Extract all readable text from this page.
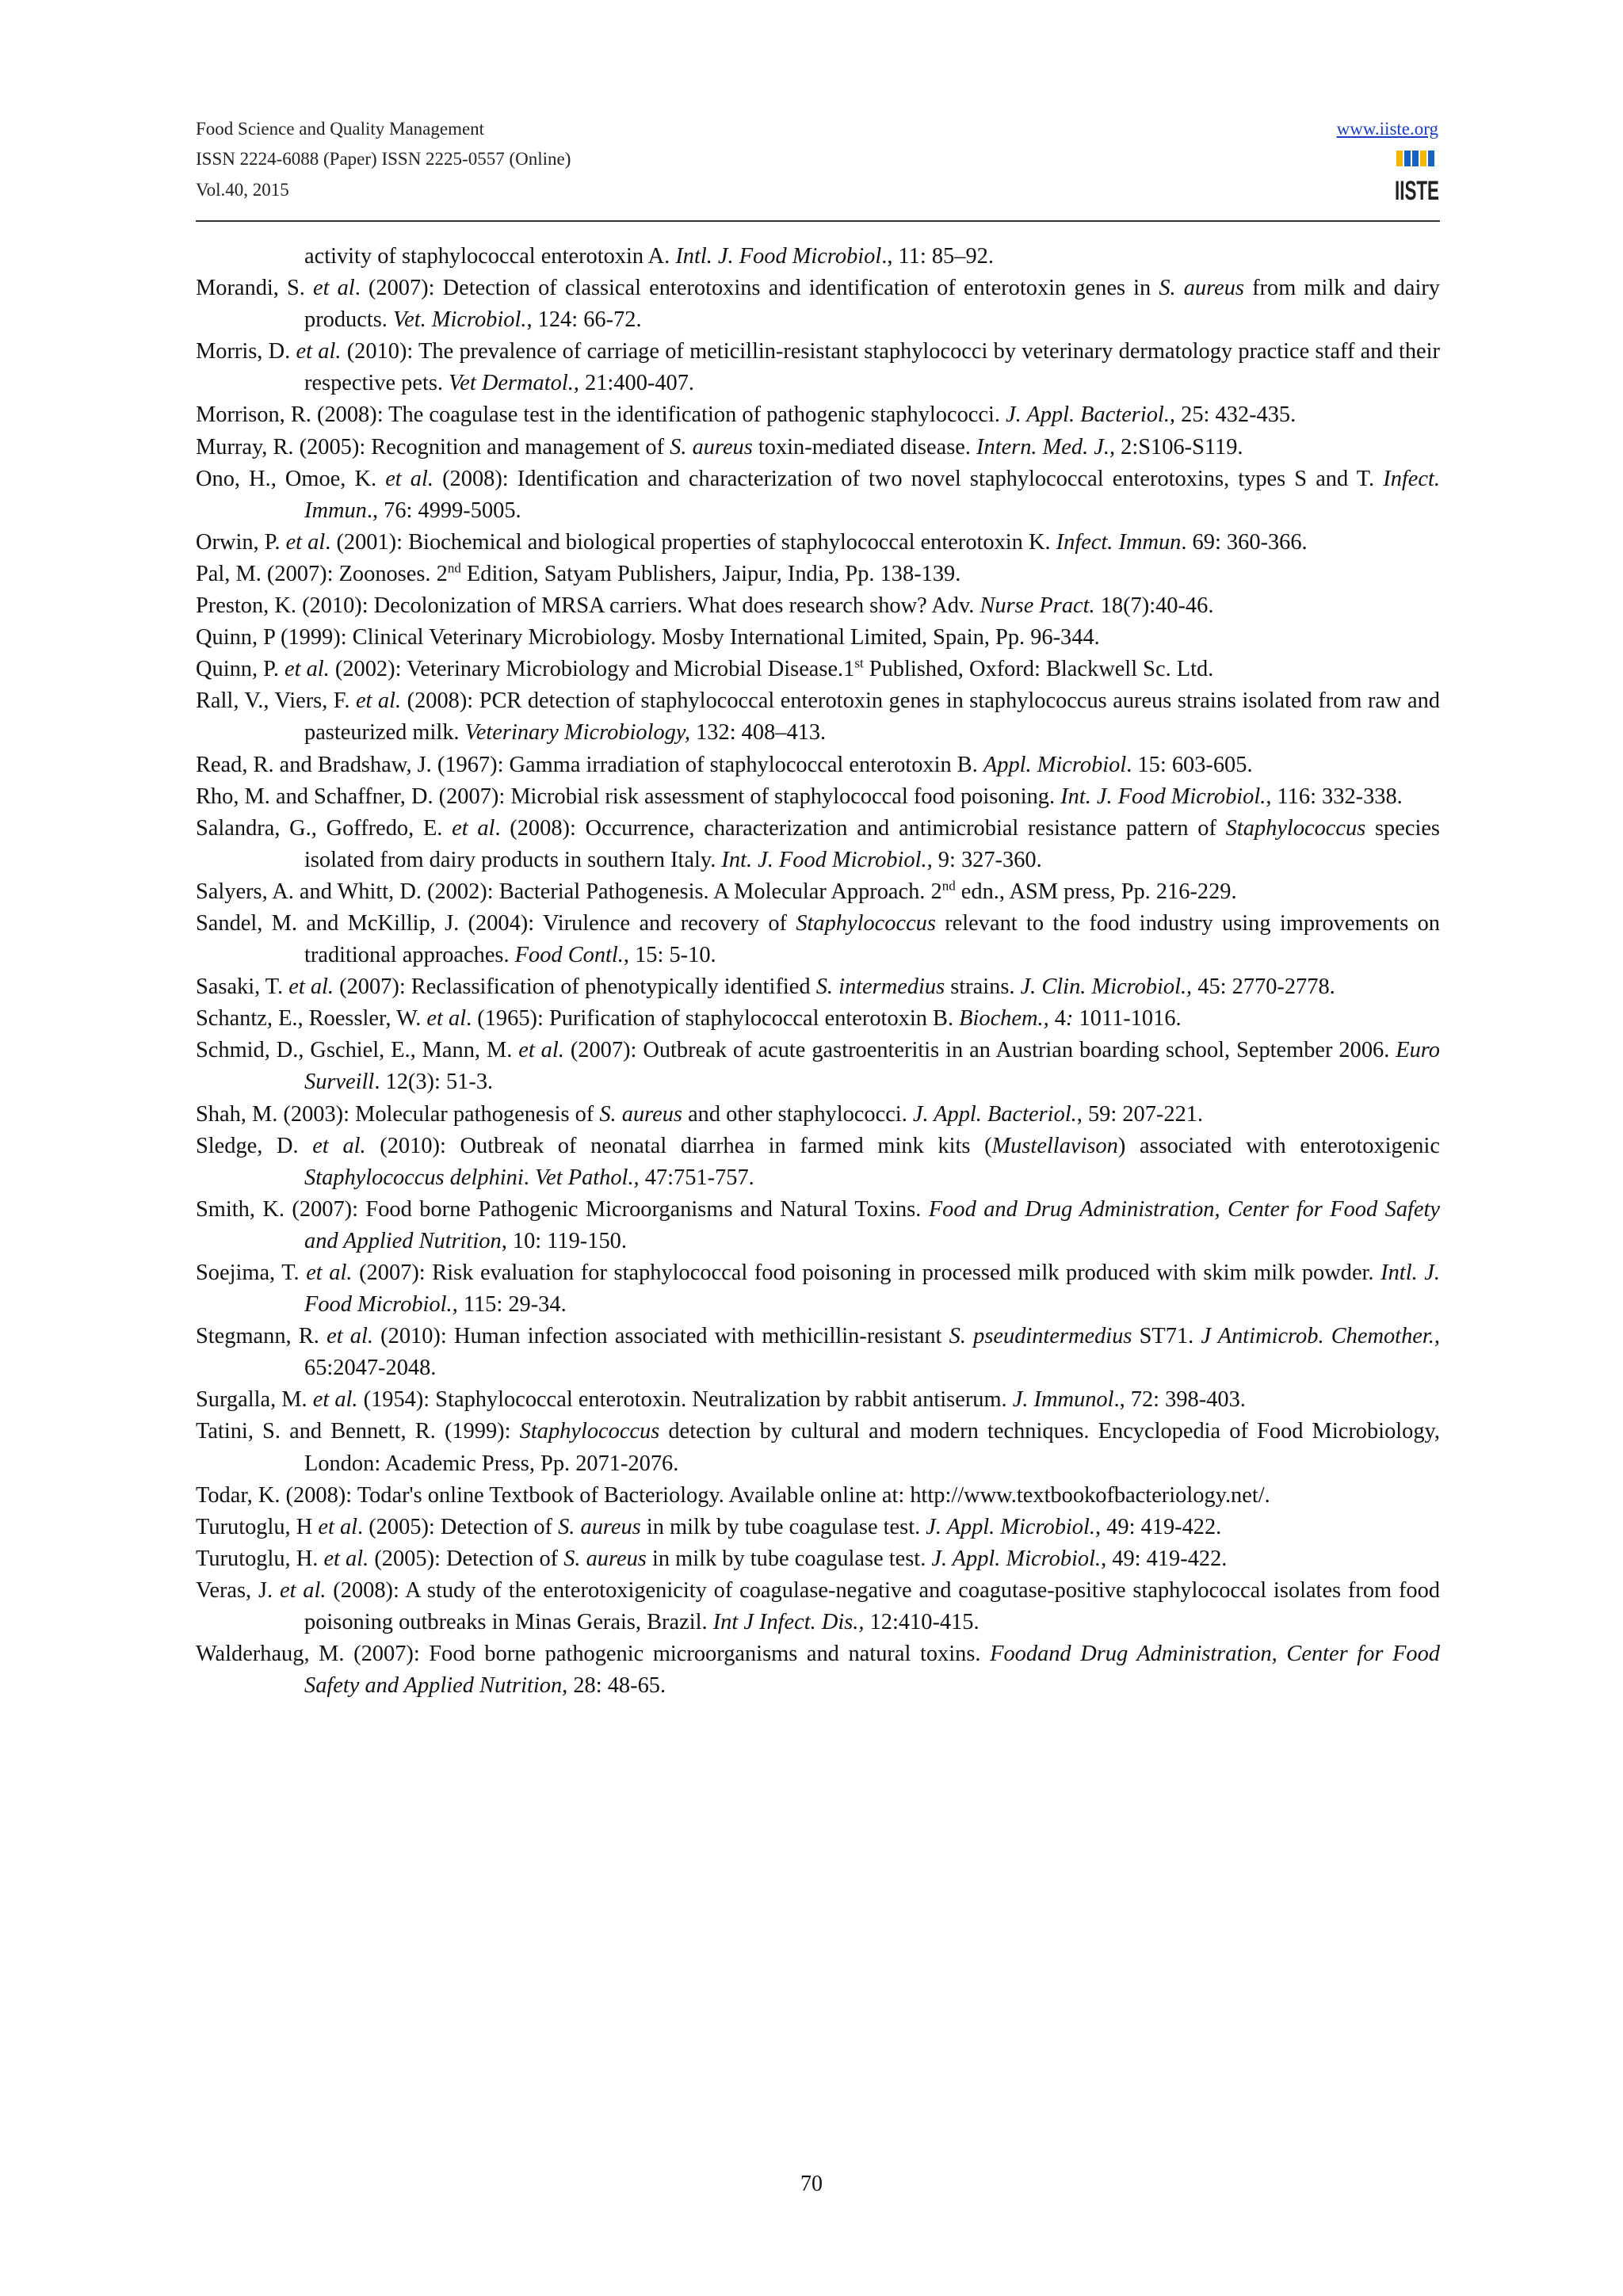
Food Science and Quality Management
ISSN 2224-6088 (Paper) ISSN 2225-0557 (Online)
Vol.40, 2015
www.iiste.org
IISTE

activity of staphylococcal enterotoxin A. Intl. J. Food Microbiol., 11: 85–92.

Morandi, S. et al. (2007): Detection of classical enterotoxins and identification of enterotoxin genes in S. aureus from milk and dairy products. Vet. Microbiol., 124: 66-72.

Morris, D. et al. (2010): The prevalence of carriage of meticillin-resistant staphylococci by veterinary dermatology practice staff and their respective pets. Vet Dermatol., 21:400-407.

Morrison, R. (2008): The coagulase test in the identification of pathogenic staphylococci. J. Appl. Bacteriol., 25: 432-435.

Murray, R. (2005): Recognition and management of S. aureus toxin-mediated disease. Intern. Med. J., 2:S106-S119.

Ono, H., Omoe, K. et al. (2008): Identification and characterization of two novel staphylococcal enterotoxins, types S and T. Infect. Immun., 76: 4999-5005.

Orwin, P. et al. (2001): Biochemical and biological properties of staphylococcal enterotoxin K. Infect. Immun. 69: 360-366.

Pal, M. (2007): Zoonoses. 2nd Edition, Satyam Publishers, Jaipur, India, Pp. 138-139.

Preston, K. (2010): Decolonization of MRSA carriers. What does research show? Adv. Nurse Pract. 18(7):40-46.

Quinn, P (1999): Clinical Veterinary Microbiology. Mosby International Limited, Spain, Pp. 96-344.

Quinn, P. et al. (2002): Veterinary Microbiology and Microbial Disease.1st Published, Oxford: Blackwell Sc. Ltd.

Rall, V., Viers, F. et al. (2008): PCR detection of staphylococcal enterotoxin genes in staphylococcus aureus strains isolated from raw and pasteurized milk. Veterinary Microbiology, 132: 408–413.

Read, R. and Bradshaw, J. (1967): Gamma irradiation of staphylococcal enterotoxin B. Appl. Microbiol. 15: 603-605.

Rho, M. and Schaffner, D. (2007): Microbial risk assessment of staphylococcal food poisoning. Int. J. Food Microbiol., 116: 332-338.

Salandra, G., Goffredo, E. et al. (2008): Occurrence, characterization and antimicrobial resistance pattern of Staphylococcus species isolated from dairy products in southern Italy. Int. J. Food Microbiol., 9: 327-360.

Salyers, A. and Whitt, D. (2002): Bacterial Pathogenesis. A Molecular Approach. 2nd edn., ASM press, Pp. 216-229.

Sandel, M. and McKillip, J. (2004): Virulence and recovery of Staphylococcus relevant to the food industry using improvements on traditional approaches. Food Contl., 15: 5-10.

Sasaki, T. et al. (2007): Reclassification of phenotypically identified S. intermedius strains. J. Clin. Microbiol., 45: 2770-2778.

Schantz, E., Roessler, W. et al. (1965): Purification of staphylococcal enterotoxin B. Biochem., 4: 1011-1016.

Schmid, D., Gschiel, E., Mann, M. et al. (2007): Outbreak of acute gastroenteritis in an Austrian boarding school, September 2006. Euro Surveill. 12(3): 51-3.

Shah, M. (2003): Molecular pathogenesis of S. aureus and other staphylococci. J. Appl. Bacteriol., 59: 207-221.

Sledge, D. et al. (2010): Outbreak of neonatal diarrhea in farmed mink kits (Mustellavison) associated with enterotoxigenic Staphylococcus delphini. Vet Pathol., 47:751-757.

Smith, K. (2007): Food borne Pathogenic Microorganisms and Natural Toxins. Food and Drug Administration, Center for Food Safety and Applied Nutrition, 10: 119-150.

Soejima, T. et al. (2007): Risk evaluation for staphylococcal food poisoning in processed milk produced with skim milk powder. Intl. J. Food Microbiol., 115: 29-34.

Stegmann, R. et al. (2010): Human infection associated with methicillin-resistant S. pseudintermedius ST71. J Antimicrob. Chemother., 65:2047-2048.

Surgalla, M. et al. (1954): Staphylococcal enterotoxin. Neutralization by rabbit antiserum. J. Immunol., 72: 398-403.

Tatini, S. and Bennett, R. (1999): Staphylococcus detection by cultural and modern techniques. Encyclopedia of Food Microbiology, London: Academic Press, Pp. 2071-2076.

Todar, K. (2008): Todar's online Textbook of Bacteriology. Available online at: http://www.textbookofbacteriology.net/.

Turutoglu, H et al. (2005): Detection of S. aureus in milk by tube coagulase test. J. Appl. Microbiol., 49: 419-422.

Turutoglu, H. et al. (2005): Detection of S. aureus in milk by tube coagulase test. J. Appl. Microbiol., 49: 419-422.

Veras, J. et al. (2008): A study of the enterotoxigenicity of coagulase-negative and coagutase-positive staphylococcal isolates from food poisoning outbreaks in Minas Gerais, Brazil. Int J Infect. Dis., 12:410-415.

Walderhaug, M. (2007): Food borne pathogenic microorganisms and natural toxins. Foodand Drug Administration, Center for Food Safety and Applied Nutrition, 28: 48-65.

70
